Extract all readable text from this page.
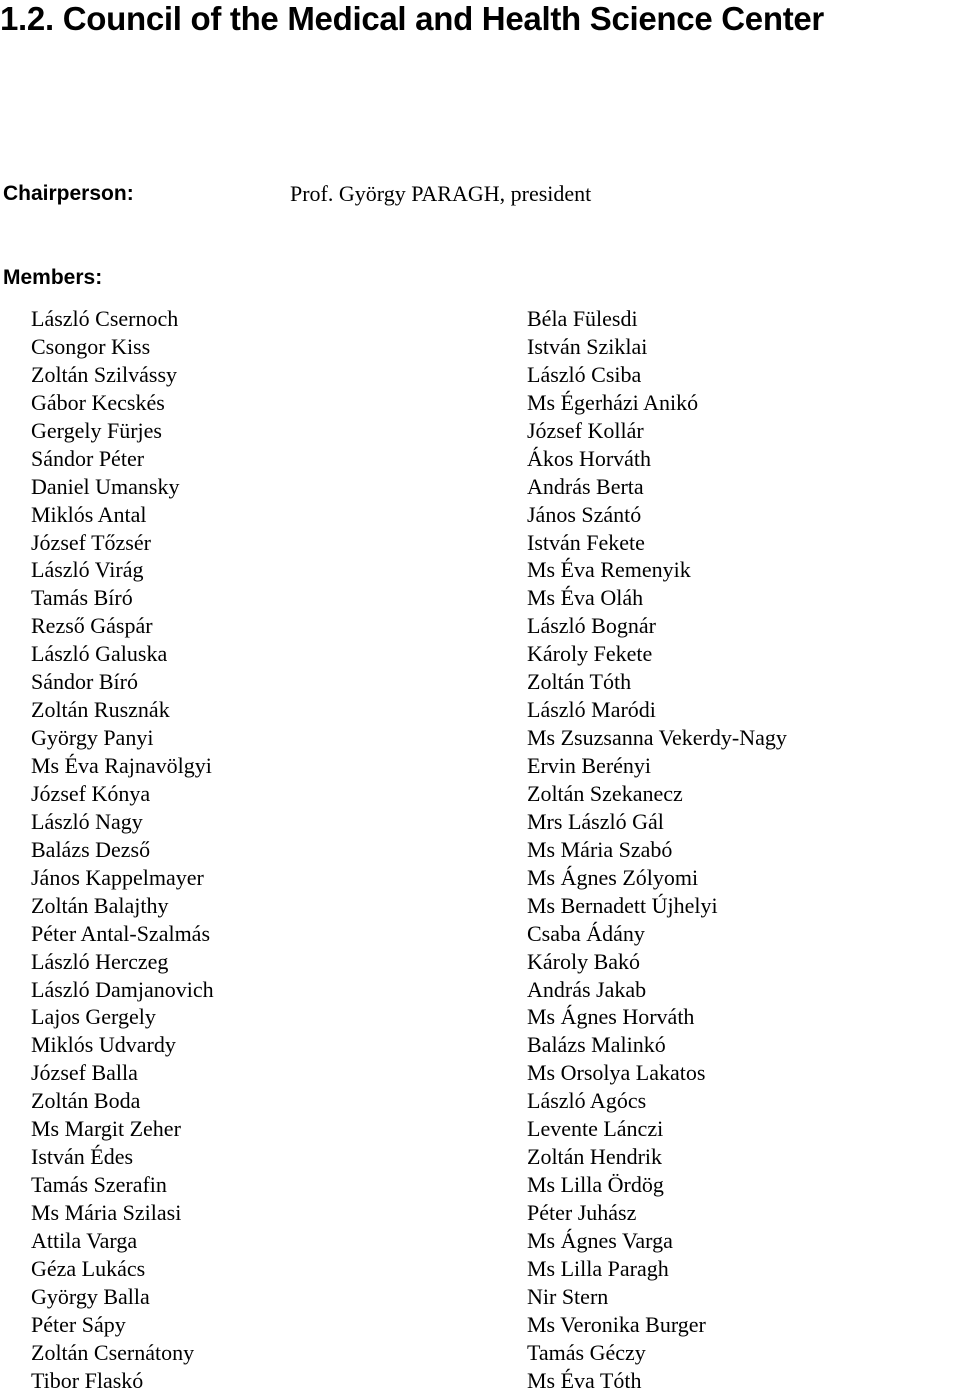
1.2. Council of the Medical and Health Science Center
Chairperson:	Prof. György PARAGH, president
Members:
László Csernoch
Csongor Kiss
Zoltán Szilvássy
Gábor Kecskés
Gergely Fürjes
Sándor Péter
Daniel Umansky
Miklós Antal
József Tőzsér
László Virág
Tamás Bíró
Rezső Gáspár
László Galuska
Sándor Bíró
Zoltán Rusznák
György Panyi
Ms Éva Rajnavölgyi
József Kónya
László Nagy
Balázs Dezső
János Kappelmayer
Zoltán Balajthy
Péter Antal-Szalmás
László Herczeg
László Damjanovich
Lajos Gergely
Miklós Udvardy
József Balla
Zoltán Boda
Ms Margit Zeher
István Édes
Tamás Szerafin
Ms Mária Szilasi
Attila Varga
Géza Lukács
György Balla
Péter Sápy
Zoltán Csernátony
Tibor Flaskó
Béla Fülesdi
István Sziklai
László Csiba
Ms Égerházi Anikó
József Kollár
Ákos Horváth
András Berta
János Szántó
István Fekete
Ms Éva Remenyik
Ms Éva Oláh
László Bognár
Károly Fekete
Zoltán Tóth
László Maródi
Ms Zsuzsanna Vekerdy-Nagy
Ervin Berényi
Zoltán Szekanecz
Mrs László Gál
Ms Mária Szabó
Ms Ágnes Zólyomi
Ms Bernadett Újhelyi
Csaba Ádány
Károly Bakó
András Jakab
Ms Ágnes Horváth
Balázs Malinkó
Ms Orsolya Lakatos
László Agócs
Levente Lánczi
Zoltán Hendrik
Ms Lilla Ördög
Péter Juhász
Ms Ágnes Varga
Ms Lilla Paragh
Nir Stern
Ms Veronika Burger
Tamás Géczy
Ms Éva Tóth
